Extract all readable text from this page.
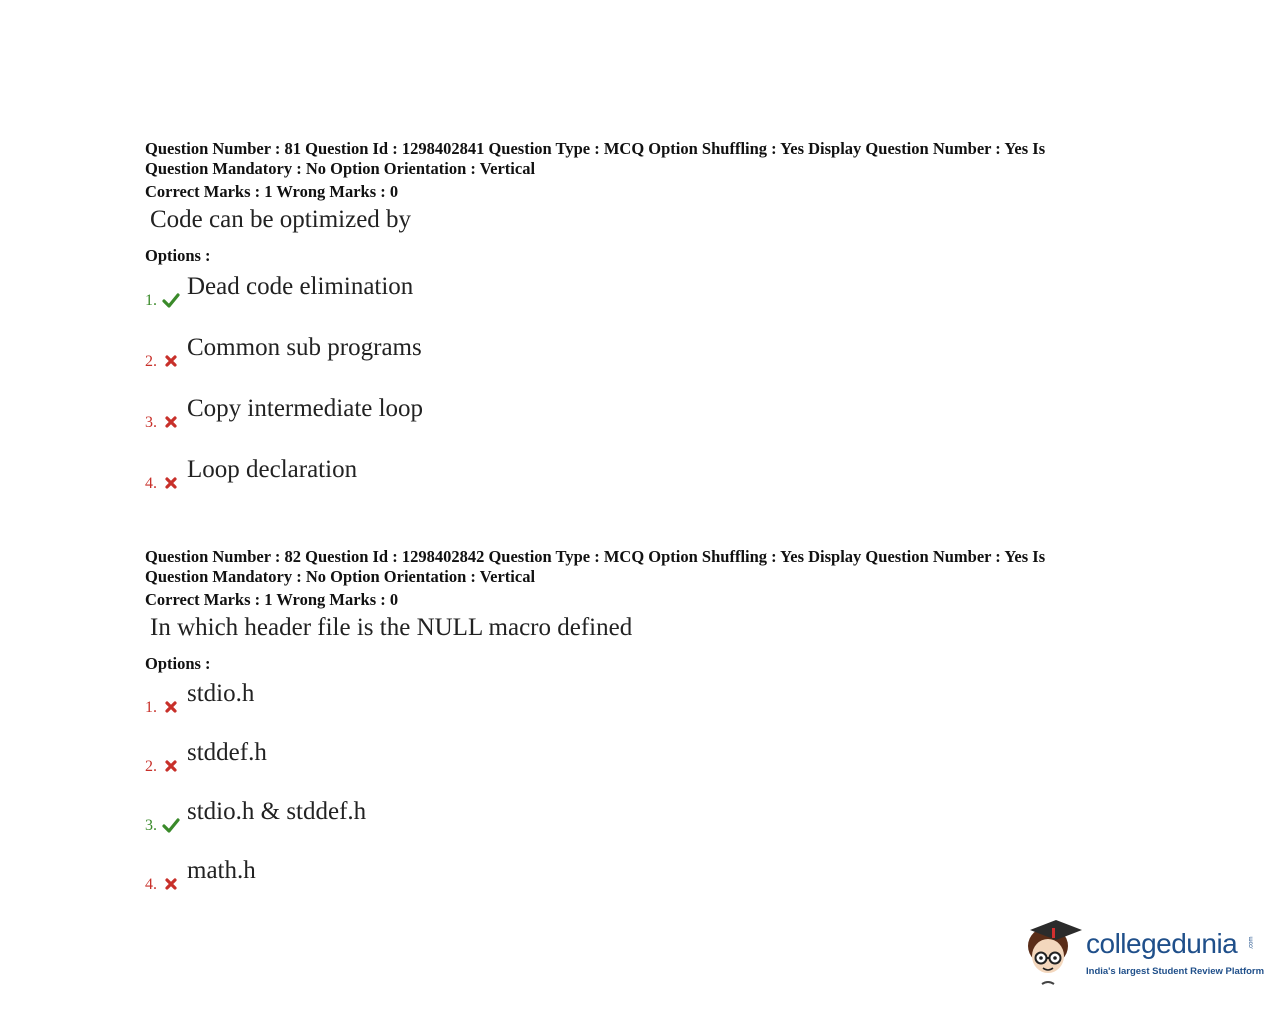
Question Number : 81 Question Id : 1298402841 Question Type : MCQ Option Shuffling : Yes Display Question Number : Yes Is
Question Mandatory : No Option Orientation : Vertical

Correct Marks : 1 Wrong Marks : 0
Code can be optimized by
Options :
1.
Dead code elimination
2.
Common sub programs
3.
Copy intermediate loop
4.
Loop declaration

Question Number : 82 Question Id : 1298402842 Question Type : MCQ Option Shuffling : Yes Display Question Number : Yes Is
Question Mandatory : No Option Orientation : Vertical

Correct Marks : 1 Wrong Marks : 0
In which header file is the NULL macro defined
Options :
1.
stdio.h
2.
stddef.h
3.
stdio.h & stddef.h
4.
math.h
collegedunia .com
India's largest Student Review Platform
